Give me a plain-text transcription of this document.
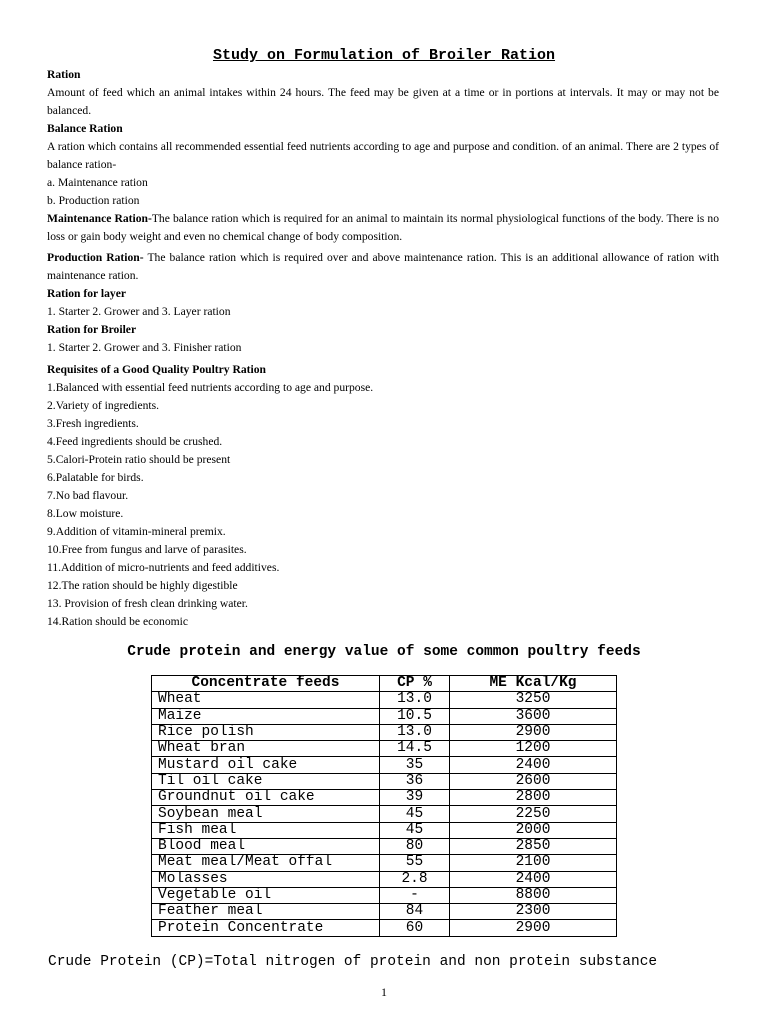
Study on Formulation of Broiler Ration

Ration

Amount of feed which an animal intakes within 24 hours. The feed may be given at a time or in portions at intervals. It may or may not be balanced.

Balance Ration

A ration which contains all recommended essential feed nutrients according to age and purpose and condition. of an animal. There are 2 types of balance ration-

a. Maintenance ration

b. Production ration

Maintenance Ration-The balance ration which is required for an animal to maintain its normal physiological functions of the body. There is no loss or gain body weight and even no chemical change of body composition.

Production Ration- The balance ration which is required over and above maintenance ration. This is an additional allowance of ration with maintenance ration.

Ration for layer

1. Starter 2. Grower and 3. Layer ration

Ration for Broiler

1. Starter 2. Grower and 3. Finisher ration

Requisites of a Good Quality Poultry Ration

1.Balanced with essential feed nutrients according to age and purpose.
2.Variety of ingredients.
3.Fresh ingredients.
4.Feed ingredients should be crushed.
5.Calori-Protein ratio should be present
6.Palatable for birds.
7.No bad flavour.
8.Low moisture.
9.Addition of vitamin-mineral premix.
10.Free from fungus and larve of parasites.
11.Addition of micro-nutrients and feed additives.
12.The ration should be highly digestible
13. Provision of fresh clean drinking water.
14.Ration should be economic

Crude protein and energy value of some common poultry feeds

Concentrate feeds	CP %	ME Kcal/Kg
Wheat	13.0	3250
Maize	10.5	3600
Rice polish	13.0	2900
Wheat bran	14.5	1200
Mustard oil cake	35	2400
Til oil cake	36	2600
Groundnut oil cake	39	2800
Soybean meal	45	2250
Fish meal	45	2000
Blood meal	80	2850
Meat meal/Meat offal	55	2100
Molasses	2.8	2400
Vegetable oil	-	8800
Feather meal	84	2300
Protein Concentrate	60	2900

Crude Protein (CP)=Total nitrogen of protein and non protein substance

1
